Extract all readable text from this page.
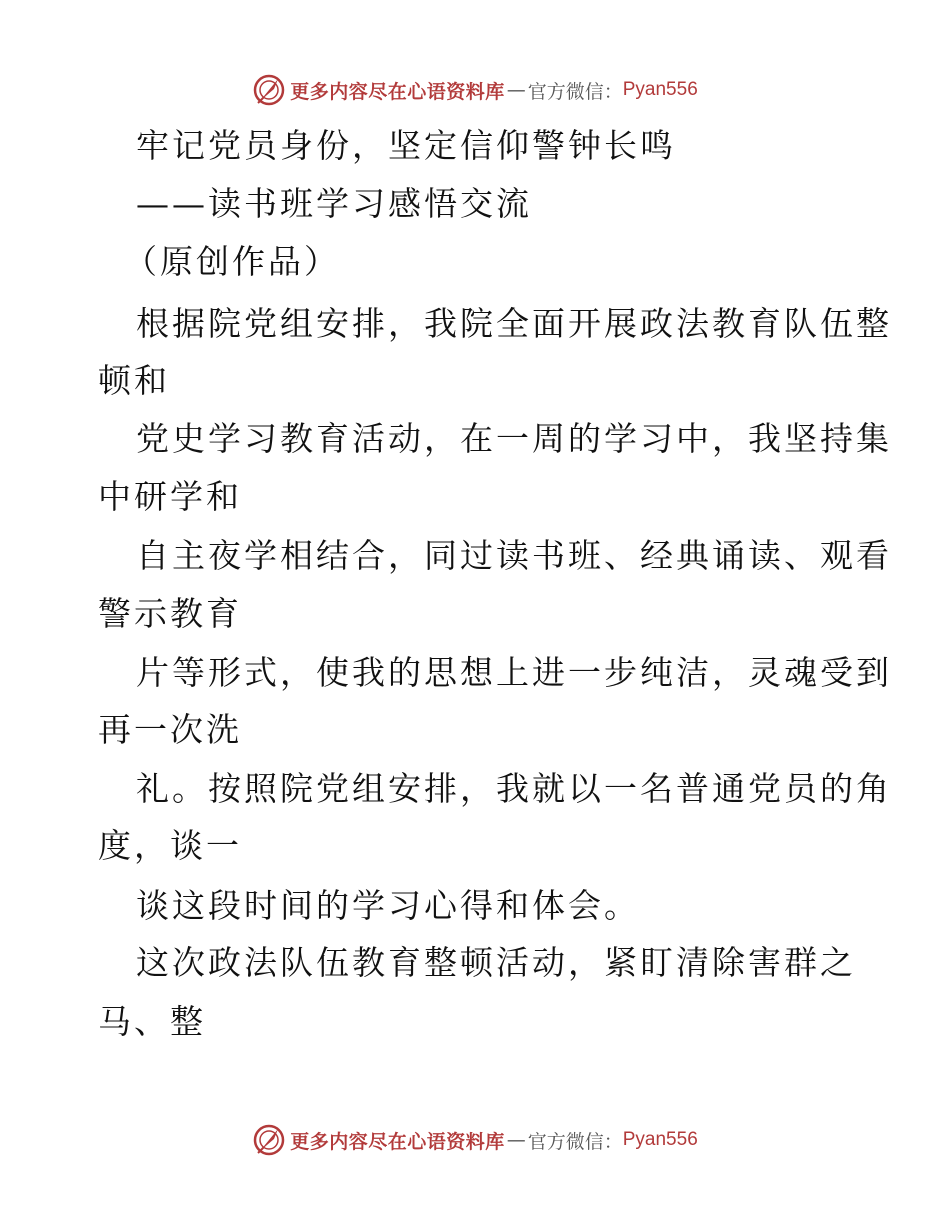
更多内容尽在心语资料库 — 官方微信： Pyan556
牢记党员身份，坚定信仰警钟长鸣
——读书班学习感悟交流
（原创作品）
根据院党组安排，我院全面开展政法教育队伍整
顿和
党史学习教育活动，在一周的学习中，我坚持集
中研学和
自主夜学相结合，同过读书班、经典诵读、观看
警示教育
片等形式，使我的思想上进一步纯洁，灵魂受到
再一次洗
礼。按照院党组安排，我就以一名普通党员的角
度，谈一
谈这段时间的学习心得和体会。
这次政法队伍教育整顿活动，紧盯清除害群之
马、整
更多内容尽在心语资料库 — 官方微信： Pyan556
